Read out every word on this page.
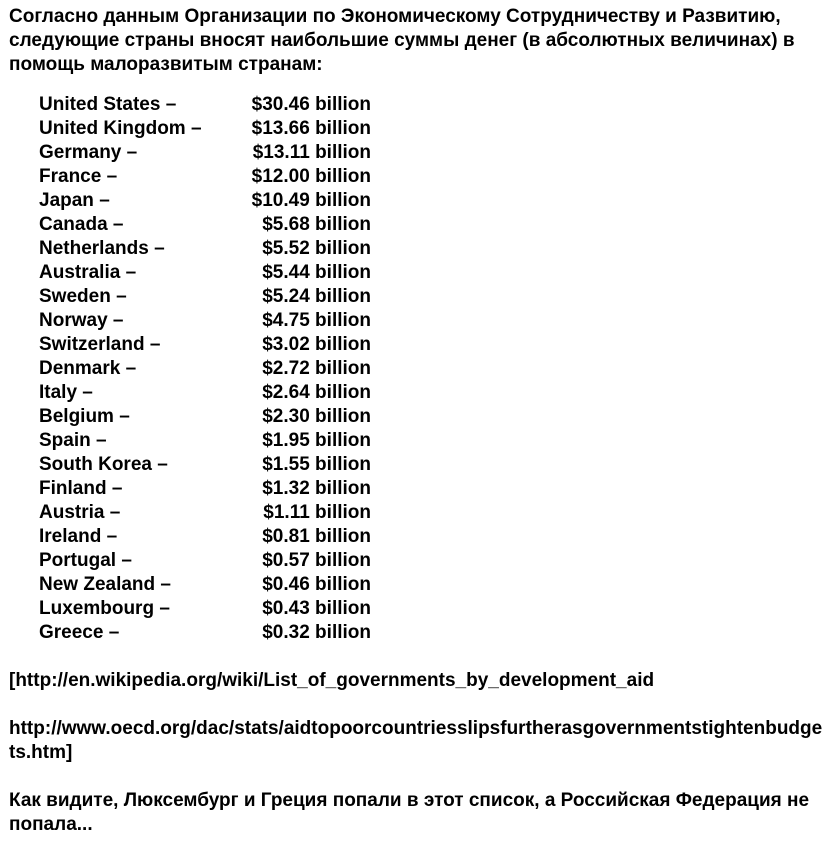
Согласно данным Организации по Экономическому Сотрудничеству и Развитию, следующие страны вносят наибольшие суммы денег (в абсолютных величинах) в помощь малоразвитым странам:

United States –	$30.46 billion
United Kingdom –	$13.66 billion
Germany –	$13.11 billion
France –	$12.00 billion
Japan –	$10.49 billion
Canada –	$5.68 billion
Netherlands –	$5.52 billion
Australia –	$5.44 billion
Sweden –	$5.24 billion
Norway –	$4.75 billion
Switzerland –	$3.02 billion
Denmark –	$2.72 billion
Italy –	$2.64 billion
Belgium –	$2.30 billion
Spain –	$1.95 billion
South Korea –	$1.55 billion
Finland –	$1.32 billion
Austria –	$1.11 billion
Ireland –	$0.81 billion
Portugal –	$0.57 billion
New Zealand –	$0.46 billion
Luxembourg –	$0.43 billion
Greece –	$0.32 billion

[http://en.wikipedia.org/wiki/List_of_governments_by_development_aid

http://www.oecd.org/dac/stats/aidtopoorcountriesslipsfurtherasgovernmentstightenbudgets.htm]

Как видите, Люксембург и Греция попали в этот список, а Российская Федерация не попала...
